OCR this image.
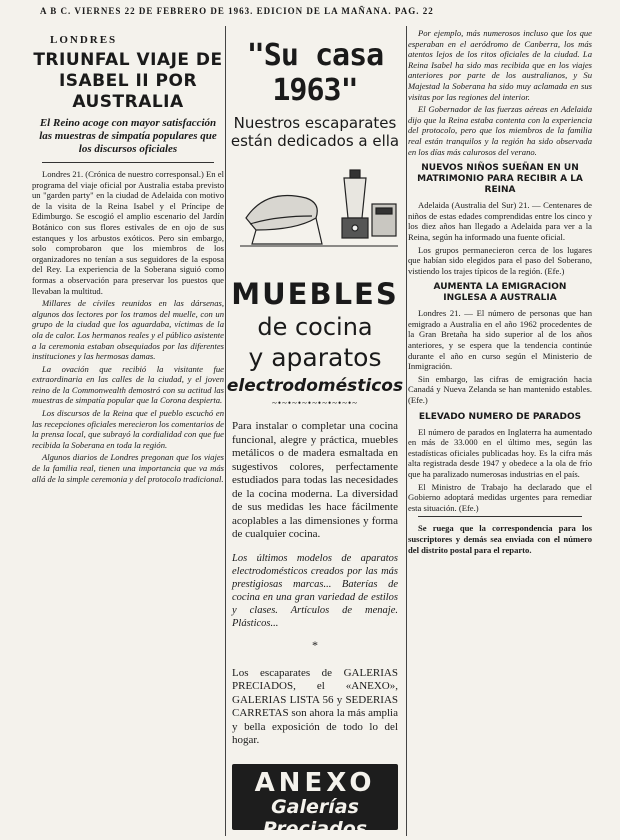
A B C. VIERNES 22 DE FEBRERO DE 1963. EDICION DE LA MAÑANA. PAG. 22
LONDRES
TRIUNFAL VIAJE DE ISABEL II POR AUSTRALIA
El Reino acoge con mayor satisfacción las muestras de simpatía populares que los discursos oficiales

Londres 21. (Crónica de nuestro corresponsal.) En el programa del viaje oficial por Australia estaba previsto un "garden party" en la ciudad de Adelaida con motivo de la visita de la Reina Isabel y el Príncipe de Edimburgo. Se escogió el amplio escenario del Jardín Botánico con sus flores estivales de en ojo de sus estanques y los arbustos exóticos. Pero sin embargo, solo comprobaron que los miembros de los organizadores no tenían a sus seguidores de la esposa del Rey. La experiencia de la Soberana siguió como formas a observación para preservar los puestos que llevaban la multitud.

Millares de cíviles reunidos en las dársenas, algunos dos lectores por los tramos del muelle, con un grupo de la ciudad que los aguardaba, víctimas de la ola de calor. Los hermanos reales y el público asistente a la ceremonia estaban obsequiados por las diferentes instituciones y las hermosas damas.

La ovación que recibió la visitante fue extraordinaria en las calles de la ciudad, y el joven reino de la Commonwealth demostró con su actitud las muestras de simpatía popular que la Corona despierta.

Los discursos de la Reina que el pueblo escuchó en las recepciones oficiales merecieron los comentarios de la prensa local, que subrayó la cordialidad con que fue recibida la Soberana en toda la región.

Algunos diarios de Londres pregonan que los viajes de la familia real, tienen una importancia que va más allá de la simple ceremonia y del protocolo tradicional.

"Su casa 1963"
Nuestros escaparates están dedicados a ella
MUEBLES
de cocina
y aparatos
electrodomésticos
~•~•~•~•~•~•~•~•~

Para instalar o completar una cocina funcional, alegre y práctica, muebles metálicos o de madera esmaltada en sugestivos colores, perfectamente estudiados para todas las necesidades de la cocina moderna. La diversidad de sus medidas les hace fácilmente acoplables a las dimensiones y forma de cualquier cocina.

Los últimos modelos de aparatos electrodomésticos creados por las más prestigiosas marcas... Baterías de cocina en una gran variedad de estilos y clases. Artículos de menaje. Plásticos...

*

Los escaparates de GALERIAS PRECIADOS, el «ANEXO», GALERIAS LISTA 56 y SEDERIAS CARRETAS son ahora la más amplia y bella exposición de todo lo del hogar.

ANEXO
Galerías Preciados

Por ejemplo, más numerosos incluso que los que esperaban en el aeródromo de Canberra, los más atentos lejos de los ritos oficiales de la ciudad. La Reina Isabel ha sido mas recibida que en los viajes anteriores por parte de los australianos, y Su Majestad la Soberana ha sido muy aclamada en sus visitas por las regiones del interior.

El Gobernador de las fuerzas aéreas en Adelaida dijo que la Reina estaba contenta con la experiencia del protocolo, pero que los miembros de la familia real están tranquilos y la región ha sido observada en los días más calurosos del verano.

NUEVOS NIÑOS SUEÑAN EN UN MATRIMONIO PARA RECIBIR A LA REINA

Adelaida (Australia del Sur) 21. — Centenares de niños de estas edades comprendidas entre los cinco y los diez años han llegado a Adelaida para ver a la Reina, según ha informado una fuente oficial.

Los grupos permanecieron cerca de los lugares que habían sido elegidos para el paso del Soberano, vistiendo los trajes típicos de la región. (Efe.)

AUMENTA LA EMIGRACION INGLESA A AUSTRALIA

Londres 21. — El número de personas que han emigrado a Australia en el año 1962 procedentes de la Gran Bretaña ha sido superior al de los años anteriores, y se espera que la tendencia continúe durante el año en curso según el Ministerio de Inmigración.

Sin embargo, las cifras de emigración hacia Canadá y Nueva Zelanda se han mantenido estables. (Efe.)

ELEVADO NUMERO DE PARADOS

El número de parados en Inglaterra ha aumentado en más de 33.000 en el último mes, según las estadísticas oficiales publicadas hoy. Es la cifra más alta registrada desde 1947 y obedece a la ola de frío que ha paralizado numerosas industrias en el país.

El Ministro de Trabajo ha declarado que el Gobierno adoptará medidas urgentes para remediar esta situación. (Efe.)

Se ruega que la correspondencia para los suscriptores y demás sea enviada con el número del distrito postal para el reparto.
